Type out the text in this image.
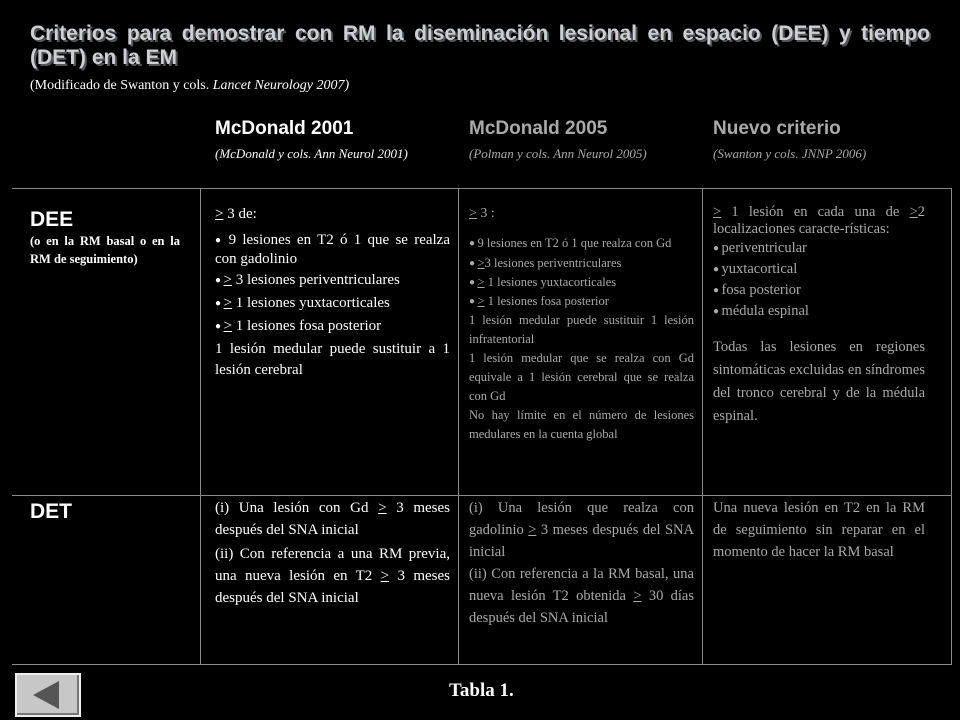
Criterios para demostrar con RM la diseminación lesional en espacio (DEE) y tiempo (DET) en la EM
(Modificado de Swanton y cols. Lancet Neurology 2007)
McDonald 2001
(McDonald y cols. Ann Neurol 2001)
McDonald 2005
(Polman y cols. Ann Neurol 2005)
Nuevo criterio
(Swanton y cols. JNNP 2006)
DEE
(o en la RM basal o en la RM de seguimiento)

≥ 3 de:

● 9 lesiones en T2 ó 1 que se realza con gadolinio

● ≥ 3 lesiones periventriculares

● ≥ 1 lesiones yuxtacorticales

● ≥ 1 lesiones fosa posterior

1 lesión medular puede sustituir a 1 lesión cerebral

≥ 3 :

● 9 lesiones en T2 ó 1 que realza con Gd

● ≥3 lesiones periventriculares

● ≥ 1 lesiones yuxtacorticales

● ≥ 1 lesiones fosa posterior

1 lesión medular puede sustituir 1 lesión infratentorial

1 lesión medular que se realza con Gd equivale a 1 lesión cerebral que se realza con Gd

No hay límite en el número de lesiones medulares en la cuenta global

≥ 1 lesión en cada una de ≥2 localizaciones caracte-rísticas:

● periventricular

● yuxtacortical

● fosa posterior

● médula espinal

Todas las lesiones en regiones sintomáticas excluidas en síndromes del tronco cerebral y de la médula espinal.

DET	(i) Una lesión con Gd ≥ 3 meses después del SNA inicial

(ii) Con referencia a una RM previa, una nueva lesión en T2 ≥ 3 meses después del SNA inicial

(i) Una lesión que realza con gadolinio ≥ 3 meses después del SNA inicial

(ii) Con referencia a la RM basal, una nueva lesión T2 obtenida ≥ 30 días después del SNA inicial

Una nueva lesión en T2 en la RM de seguimiento sin reparar en el momento de hacer la RM basal

Tabla 1.
